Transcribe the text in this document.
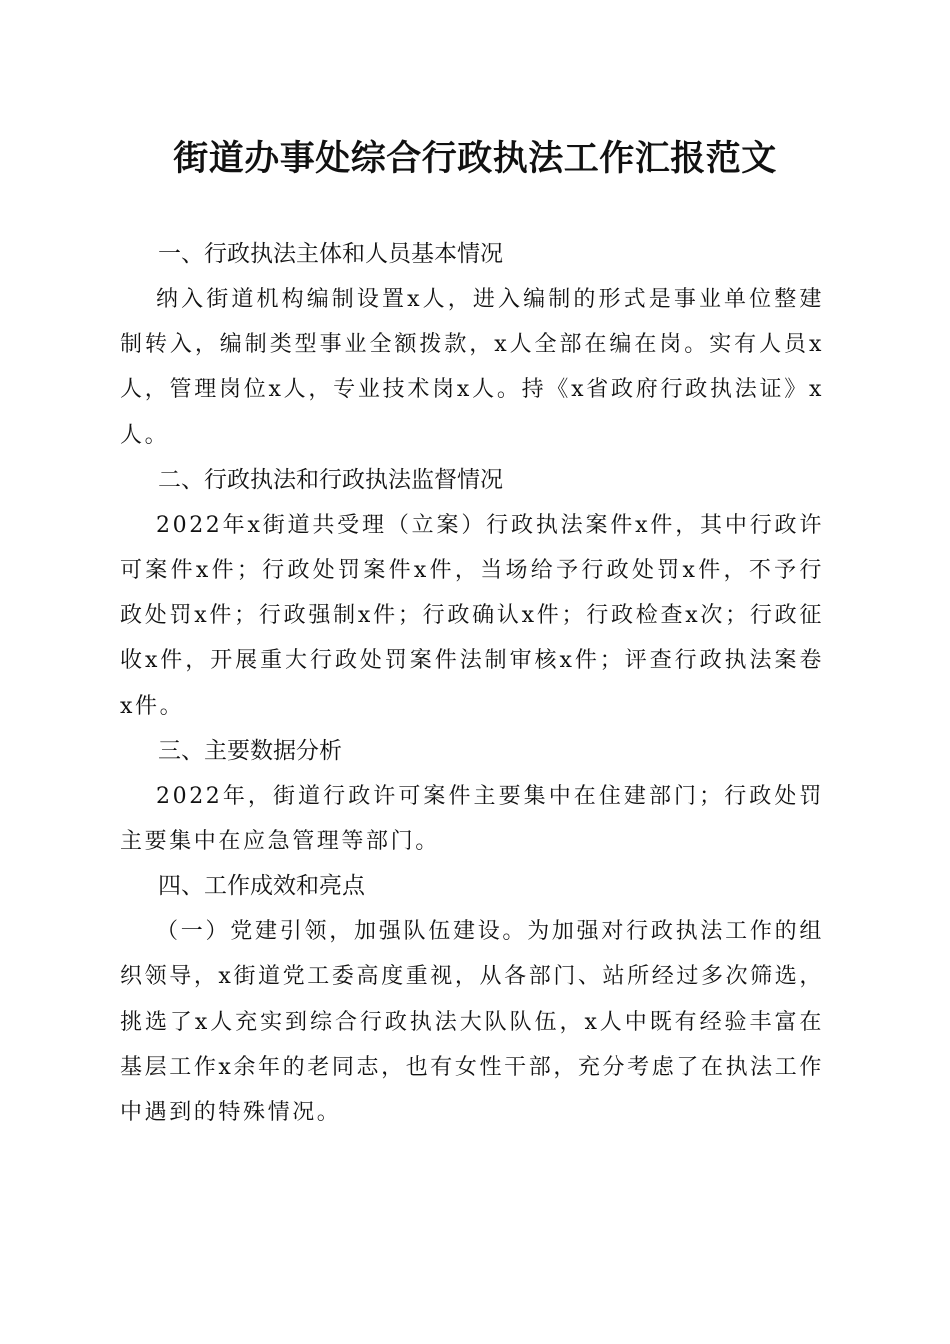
街道办事处综合行政执法工作汇报范文
一、行政执法主体和人员基本情况

纳入街道机构编制设置x人，进入编制的形式是事业单位整建制转入，编制类型事业全额拨款，x人全部在编在岗。实有人员x人，管理岗位x人，专业技术岗x人。持《x省政府行政执法证》x人。

二、行政执法和行政执法监督情况

2022年x街道共受理（立案）行政执法案件x件，其中行政许可案件x件；行政处罚案件x件，当场给予行政处罚x件，不予行政处罚x件；行政强制x件；行政确认x件；行政检查x次；行政征收x件，开展重大行政处罚案件法制审核x件；评查行政执法案卷x件。

三、主要数据分析

2022年，街道行政许可案件主要集中在住建部门；行政处罚主要集中在应急管理等部门。

四、工作成效和亮点

（一）党建引领，加强队伍建设。为加强对行政执法工作的组织领导，x街道党工委高度重视，从各部门、站所经过多次筛选，挑选了x人充实到综合行政执法大队队伍，x人中既有经验丰富在基层工作x余年的老同志，也有女性干部，充分考虑了在执法工作中遇到的特殊情况。
